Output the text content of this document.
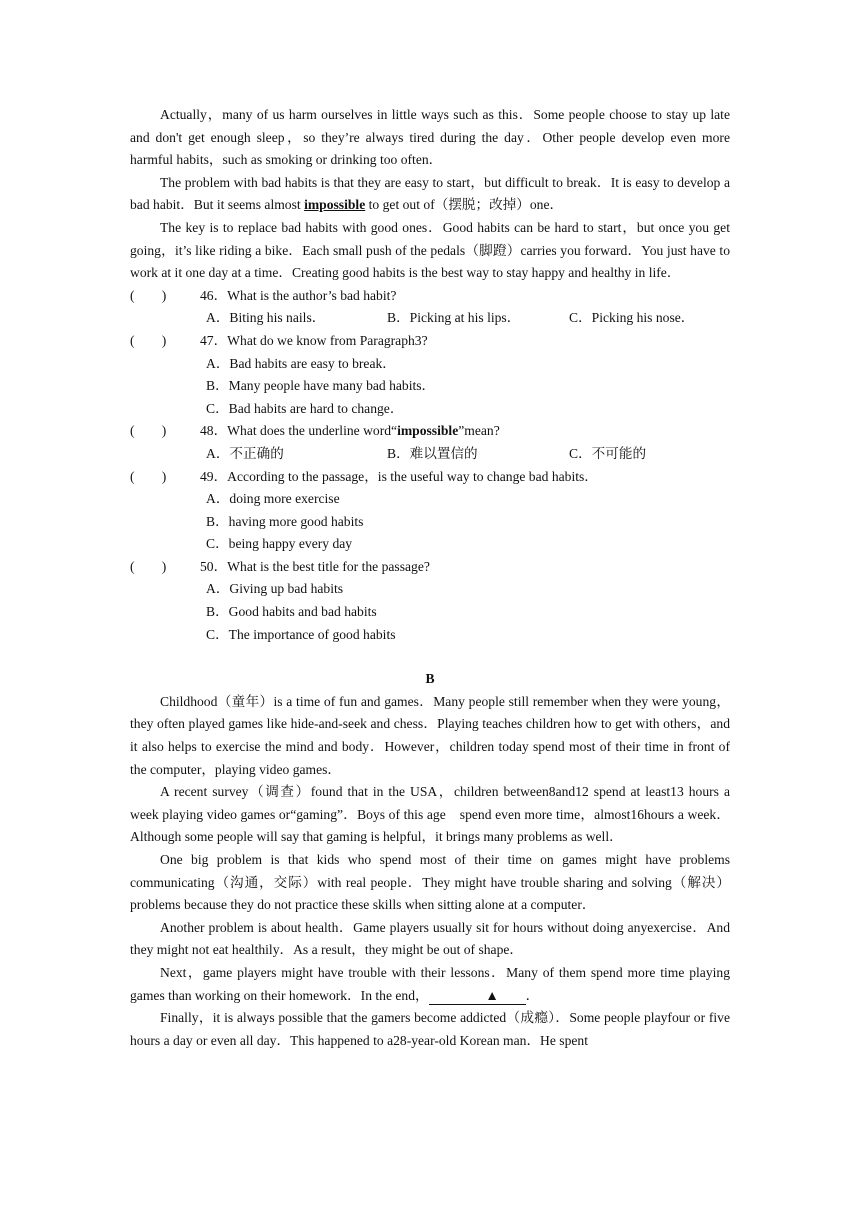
Actually，many of us harm ourselves in little ways such as this．Some people choose to stay up late and don't get enough sleep，so they’re always tired during the day．Other people develop even more harmful habits，such as smoking or drinking too often．

The problem with bad habits is that they are easy to start，but difficult to break．It is easy to develop a bad habit．But it seems almost impossible to get out of（摆脱；改掉）one．

The key is to replace bad habits with good ones．Good habits can be hard to start，but once you get going，it’s like riding a bike．Each small push of the pedals（脚蹬）carries you forward．You just have to work at it one day at a time．Creating good habits is the best way to stay happy and healthy in life．

(        )	46．What is the author’s bad habit?
A．Biting his nails．	B．Picking at his lips．	C．Picking his nose．
(        )	47．What do we know from Paragraph3?
A．Bad habits are easy to break．
B．Many people have many bad habits．
C．Bad habits are hard to change．
(        )	48．What does the underline word“impossible”mean?
A．不正确的	B．难以置信的	C．不可能的
(        )	49．According to the passage，is the useful way to change bad habits．
A．doing more exercise
B．having more good habits
C．being happy every day
(        )	50．What is the best title for the passage?
A．Giving up bad habits
B．Good habits and bad habits
C．The importance of good habits
B

Childhood（童年）is a time of fun and games．Many people still remember when they were young，they often played games like hide-and-seek and chess．Playing teaches children how to get with others，and it also helps to exercise the mind and body．However，children today spend most of their time in front of the computer，playing video games．

A recent survey（调查）found that in the USA，children between8and12 spend at least13 hours a week playing video games or“gaming”．Boys of this age　spend even more time，almost16hours a week．Although some people will say that gaming is helpful，it brings many problems as well．

One big problem is that kids who spend most of their time on games might have problems communicating（沟通，交际）with real people．They might have trouble sharing and solving（解决）problems because they do not practice these skills when sitting alone at a computer．

Another problem is about health．Game players usually sit for hours without doing anyexercise．And they might not eat healthily．As a result，they might be out of shape．

Next，game players might have trouble with their lessons．Many of them spend more time playing games than working on their homework．In the end，	▲ ．

Finally，it is always possible that the gamers become addicted（成瘾）．Some people playfour or five hours a day or even all day．This happened to a28-year-old Korean man．He spent
